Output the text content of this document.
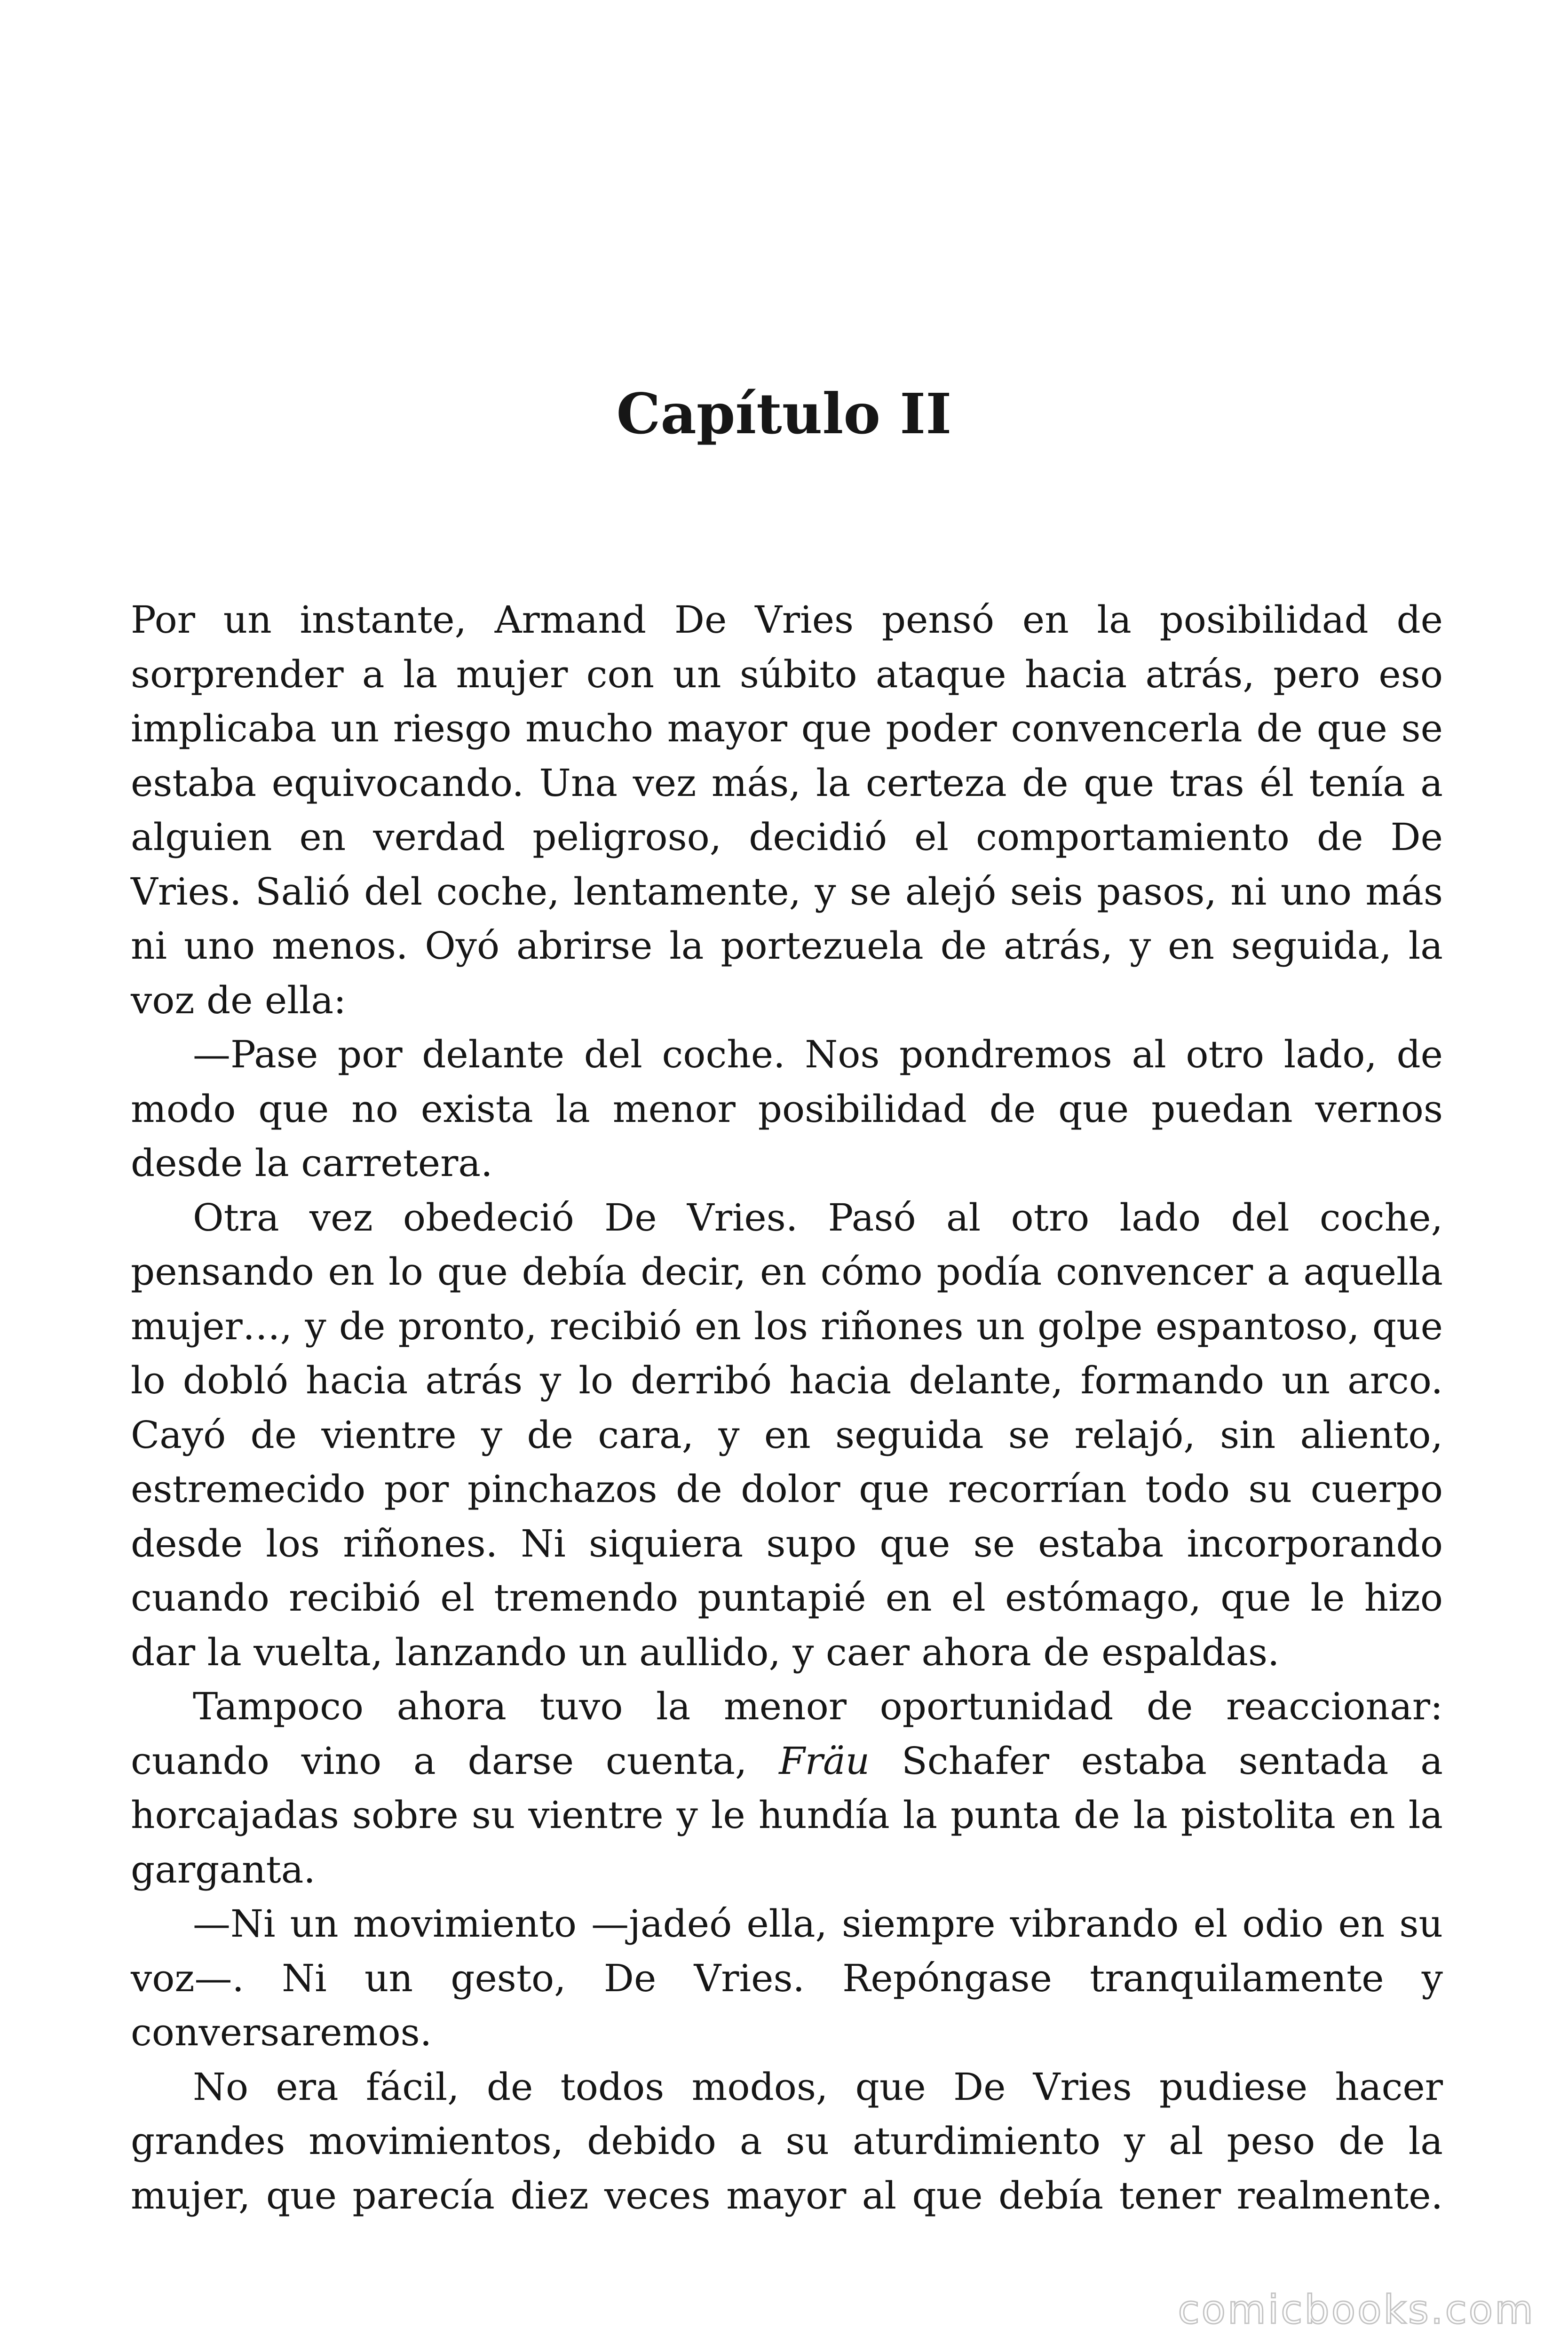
Capítulo II

Por un instante, Armand De Vries pensó en la posibilidad de sorprender a la mujer con un súbito ataque hacia atrás, pero eso implicaba un riesgo mucho mayor que poder convencerla de que se estaba equivocando. Una vez más, la certeza de que tras él tenía a alguien en verdad peligroso, decidió el comportamiento de De Vries. Salió del coche, lentamente, y se alejó seis pasos, ni uno más ni uno menos. Oyó abrirse la portezuela de atrás, y en seguida, la voz de ella:

—Pase por delante del coche. Nos pondremos al otro lado, de modo que no exista la menor posibilidad de que puedan vernos desde la carretera.

Otra vez obedeció De Vries. Pasó al otro lado del coche, pensando en lo que debía decir, en cómo podía convencer a aquella mujer…, y de pronto, recibió en los riñones un golpe espantoso, que lo dobló hacia atrás y lo derribó hacia delante, formando un arco. Cayó de vientre y de cara, y en seguida se relajó, sin aliento, estremecido por pinchazos de dolor que recorrían todo su cuerpo desde los riñones. Ni siquiera supo que se estaba incorporando cuando recibió el tremendo puntapié en el estómago, que le hizo dar la vuelta, lanzando un aullido, y caer ahora de espaldas.

Tampoco ahora tuvo la menor oportunidad de reaccionar: cuando vino a darse cuenta, Fräu Schafer estaba sentada a horcajadas sobre su vientre y le hundía la punta de la pistolita en la garganta.

—Ni un movimiento —jadeó ella, siempre vibrando el odio en su voz—. Ni un gesto, De Vries. Repóngase tranquilamente y conversaremos.

No era fácil, de todos modos, que De Vries pudiese hacer grandes movimientos, debido a su aturdimiento y al peso de la mujer, que parecía diez veces mayor al que debía tener realmente.

comicbooks.com
